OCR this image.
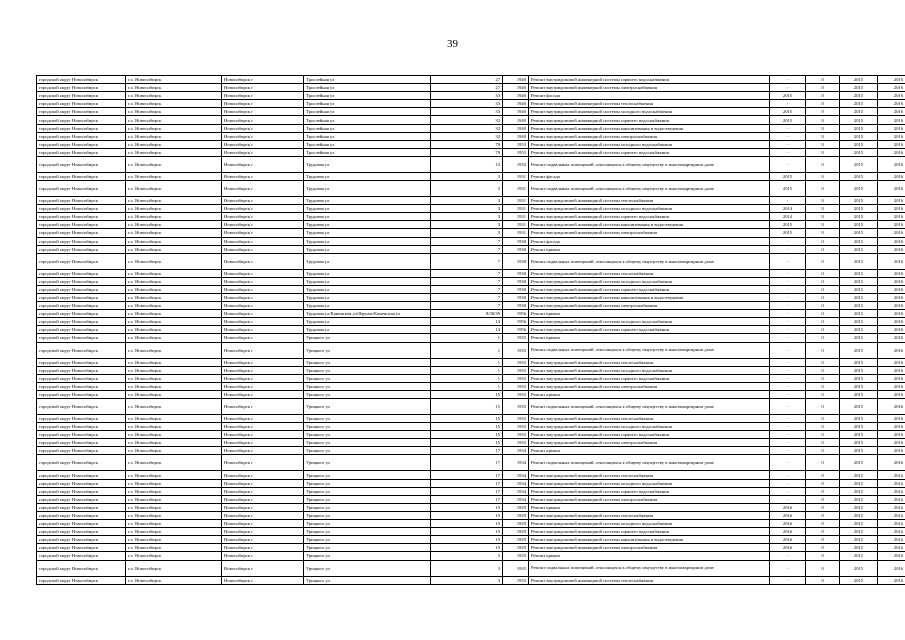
39
городской округ Новосибирск	г.о. Новосибирск	Новосибирск г	Троллейная ул	27	1940	Ремонт внутридомовой инженерной системы горячего водоснабжения	-	0	2015	2016
городской округ Новосибирск	г.о. Новосибирск	Новосибирск г	Троллейная ул	27	1940	Ремонт внутридомовой инженерной системы электроснабжения	-	0	2015	2016
городской округ Новосибирск	г.о. Новосибирск	Новосибирск г	Троллейная ул	33	1940	Ремонт фасада	2015	0	2015	2016
городской округ Новосибирск	г.о. Новосибирск	Новосибирск г	Троллейная ул	33	1940	Ремонт внутридомовой инженерной системы теплоснабжения	-	0	2015	2016
городской округ Новосибирск	г.о. Новосибирск	Новосибирск г	Троллейная ул	33	1940	Ремонт внутридомовой инженерной системы холодного водоснабжения	2015	0	2015	2016
городской округ Новосибирск	г.о. Новосибирск	Новосибирск г	Троллейная ул	33	1940	Ремонт внутридомовой инженерной системы горячего водоснабжения	2015	0	2015	2016
городской округ Новосибирск	г.о. Новосибирск	Новосибирск г	Троллейная ул	33	1940	Ремонт внутридомовой инженерной системы канализования и водоотведения	-	0	2015	2016
городской округ Новосибирск	г.о. Новосибирск	Новосибирск г	Троллейная ул	33	1940	Ремонт внутридомовой инженерной системы электроснабжения	-	0	2015	2016
городской округ Новосибирск	г.о. Новосибирск	Новосибирск г	Троллейная ул	79	1953	Ремонт внутридомовой инженерной системы холодного водоснабжения	-	0	2015	2016
городской округ Новосибирск	г.о. Новосибирск	Новосибирск г	Троллейная ул	79	1953	Ремонт внутридомовой инженерной системы горячего водоснабжения	-	0	2015	2016
городской округ Новосибирск	г.о. Новосибирск	Новосибирск г	Трудовая ул	14	1932	Ремонт подвальных помещений, относящихся к общему имуществу в многоквартирном доме	-	0	2015	2016
городской округ Новосибирск	г.о. Новосибирск	Новосибирск г	Трудовая ул	3	1931	Ремонт фасада	2015	0	2015	2016
городской округ Новосибирск	г.о. Новосибирск	Новосибирск г	Трудовая ул	3	1931	Ремонт подвальных помещений, относящихся к общему имуществу в многоквартирном доме	2015	0	2015	2016
городской округ Новосибирск	г.о. Новосибирск	Новосибирск г	Трудовая ул	3	1931	Ремонт внутридомовой инженерной системы теплоснабжения	-	0	2015	2016
городской округ Новосибирск	г.о. Новосибирск	Новосибирск г	Трудовая ул	3	1931	Ремонт внутридомовой инженерной системы холодного водоснабжения	2014	0	2015	2016
городской округ Новосибирск	г.о. Новосибирск	Новосибирск г	Трудовая ул	3	1931	Ремонт внутридомовой инженерной системы горячего водоснабжения	2014	0	2015	2016
городской округ Новосибирск	г.о. Новосибирск	Новосибирск г	Трудовая ул	3	1931	Ремонт внутридомовой инженерной системы канализования и водоотведения	2015	0	2015	2016
городской округ Новосибирск	г.о. Новосибирск	Новосибирск г	Трудовая ул	3	1931	Ремонт внутридомовой инженерной системы электроснабжения	2015	0	2015	2016
городской округ Новосибирск	г.о. Новосибирск	Новосибирск г	Трудовая ул	7	1930	Ремонт фасада	-	0	2015	2016
городской округ Новосибирск	г.о. Новосибирск	Новосибирск г	Трудовая ул	7	1930	Ремонт крыши	-	0	2015	2016
городской округ Новосибирск	г.о. Новосибирск	Новосибирск г	Трудовая ул	7	1930	Ремонт подвальных помещений, относящихся к общему имуществу в многоквартирном доме	-	0	2015	2016
городской округ Новосибирск	г.о. Новосибирск	Новосибирск г	Трудовая ул	7	1930	Ремонт внутридомовой инженерной системы теплоснабжения	-	0	2015	2016
городской округ Новосибирск	г.о. Новосибирск	Новосибирск г	Трудовая ул	7	1930	Ремонт внутридомовой инженерной системы холодного водоснабжения	-	0	2015	2016
городской округ Новосибирск	г.о. Новосибирск	Новосибирск г	Трудовая ул	7	1930	Ремонт внутридомовой инженерной системы горячего водоснабжения	-	0	2015	2016
городской округ Новосибирск	г.о. Новосибирск	Новосибирск г	Трудовая ул	7	1930	Ремонт внутридомовой инженерной системы канализования и водоотведения	-	0	2015	2016
городской округ Новосибирск	г.о. Новосибирск	Новосибирск г	Трудовая ул	7	1930	Ремонт внутридомовой инженерной системы электроснабжения	-	0	2015	2016
городской округ Новосибирск	г.о. Новосибирск	Новосибирск г	Трудовая ул/Каменская ул/Фрунзе/Каменская ул	8/38/39	1956	Ремонт крыши	-	0	2015	2016
городской округ Новосибирск	г.о. Новосибирск	Новосибирск г	Трудовая ул	14	1956	Ремонт внутридомовой инженерной системы холодного водоснабжения	-	0	2015	2016
городской округ Новосибирск	г.о. Новосибирск	Новосибирск г	Трудовая ул	14	1956	Ремонт внутридомовой инженерной системы горячего водоснабжения	-	0	2015	2016
городской округ Новосибирск	г.о. Новосибирск	Новосибирск г	Урицкого ул	1	1935	Ремонт крыши	-	0	2015	2016
городской округ Новосибирск	г.о. Новосибирск	Новосибирск г	Урицкого ул	1	1935	Ремонт подвальных помещений, относящихся к общему имуществу в многоквартирном доме	-	0	2015	2016
городской округ Новосибирск	г.о. Новосибирск	Новосибирск г	Урицкого ул	1	1935	Ремонт внутридомовой инженерной системы теплоснабжения	-	0	2015	2016
городской округ Новосибирск	г.о. Новосибирск	Новосибирск г	Урицкого ул	1	1935	Ремонт внутридомовой инженерной системы холодного водоснабжения	-	0	2015	2016
городской округ Новосибирск	г.о. Новосибирск	Новосибирск г	Урицкого ул	1	1935	Ремонт внутридомовой инженерной системы горячего водоснабжения	-	0	2015	2016
городской округ Новосибирск	г.о. Новосибирск	Новосибирск г	Урицкого ул	1	1935	Ремонт внутридомовой инженерной системы электроснабжения	-	0	2015	2016
городской округ Новосибирск	г.о. Новосибирск	Новосибирск г	Урицкого ул	15	1935	Ремонт крыши	-	0	2015	2016
городской округ Новосибирск	г.о. Новосибирск	Новосибирск г	Урицкого ул	15	1935	Ремонт подвальных помещений, относящихся к общему имуществу в многоквартирном доме	-	0	2015	2016
городской округ Новосибирск	г.о. Новосибирск	Новосибирск г	Урицкого ул	15	1935	Ремонт внутридомовой инженерной системы теплоснабжения	-	0	2015	2016
городской округ Новосибирск	г.о. Новосибирск	Новосибирск г	Урицкого ул	15	1935	Ремонт внутридомовой инженерной системы холодного водоснабжения	-	0	2015	2016
городской округ Новосибирск	г.о. Новосибирск	Новосибирск г	Урицкого ул	15	1935	Ремонт внутридомовой инженерной системы горячего водоснабжения	-	0	2015	2016
городской округ Новосибирск	г.о. Новосибирск	Новосибирск г	Урицкого ул	15	1935	Ремонт внутридомовой инженерной системы электроснабжения	-	0	2015	2016
городской округ Новосибирск	г.о. Новосибирск	Новосибирск г	Урицкого ул	17	1934	Ремонт крыши	-	0	2015	2016
городской округ Новосибирск	г.о. Новосибирск	Новосибирск г	Урицкого ул	17	1934	Ремонт подвальных помещений, относящихся к общему имуществу в многоквартирном доме	-	0	2015	2016
городской округ Новосибирск	г.о. Новосибирск	Новосибирск г	Урицкого ул	17	1934	Ремонт внутридомовой инженерной системы теплоснабжения	-	0	2015	2016
городской округ Новосибирск	г.о. Новосибирск	Новосибирск г	Урицкого ул	17	1934	Ремонт внутридомовой инженерной системы холодного водоснабжения	-	0	2015	2016
городской округ Новосибирск	г.о. Новосибирск	Новосибирск г	Урицкого ул	17	1934	Ремонт внутридомовой инженерной системы горячего водоснабжения	-	0	2015	2016
городской округ Новосибирск	г.о. Новосибирск	Новосибирск г	Урицкого ул	17	1934	Ремонт внутридомовой инженерной системы электроснабжения	-	0	2015	2016
городской округ Новосибирск	г.о. Новосибирск	Новосибирск г	Урицкого ул	19	1929	Ремонт крыши	2016	0	2015	2016
городской округ Новосибирск	г.о. Новосибирск	Новосибирск г	Урицкого ул	19	1929	Ремонт внутридомовой инженерной системы теплоснабжения	2016	0	2015	2016
городской округ Новосибирск	г.о. Новосибирск	Новосибирск г	Урицкого ул	19	1929	Ремонт внутридомовой инженерной системы холодного водоснабжения	2016	0	2015	2016
городской округ Новосибирск	г.о. Новосибирск	Новосибирск г	Урицкого ул	19	1929	Ремонт внутридомовой инженерной системы горячего водоснабжения	2016	0	2015	2016
городской округ Новосибирск	г.о. Новосибирск	Новосибирск г	Урицкого ул	19	1929	Ремонт внутридомовой инженерной системы канализования и водоотведения	2016	0	2015	2016
городской округ Новосибирск	г.о. Новосибирск	Новосибирск г	Урицкого ул	19	1929	Ремонт внутридомовой инженерной системы электроснабжения	2016	0	2015	2016
городской округ Новосибирск	г.о. Новосибирск	Новосибирск г	Урицкого ул	3	1935	Ремонт крыши	-	0	2015	2016
городской округ Новосибирск	г.о. Новосибирск	Новосибирск г	Урицкого ул	3	1935	Ремонт подвальных помещений, относящихся к общему имуществу в многоквартирном доме	-	0	2015	2016
городской округ Новосибирск	г.о. Новосибирск	Новосибирск г	Урицкого ул	3	1935	Ремонт внутридомовой инженерной системы теплоснабжения	-	0	2015	2016
